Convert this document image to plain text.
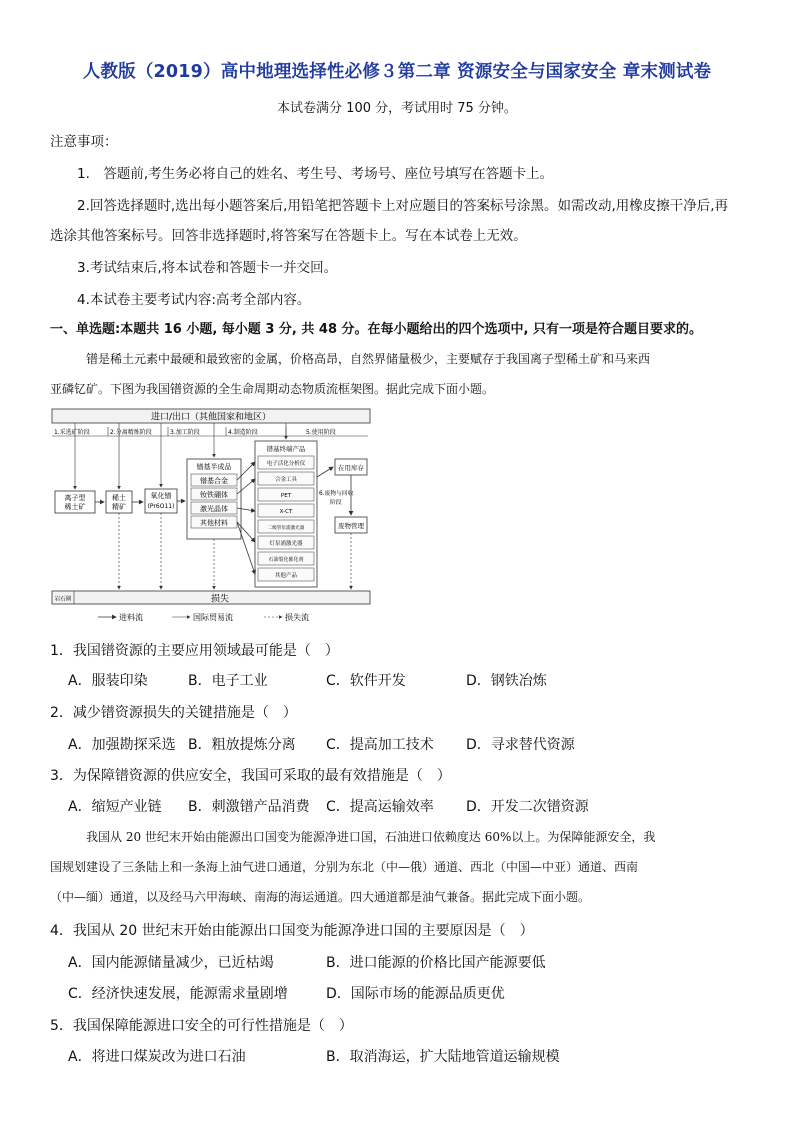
人教版（2019）高中地理选择性必修３第二章 资源安全与国家安全 章末测试卷
本试卷满分 100 分，考试用时 75 分钟。
注意事项：
1.　答题前,考生务必将自己的姓名、考生号、考场号、座位号填写在答题卡上。
2.回答选择题时,选出每小题答案后,用铅笔把答题卡上对应题目的答案标号涂黑。如需改动,用橡皮擦干净后,再
选涂其他答案标号。回答非选择题时,将答案写在答题卡上。写在本试卷上无效。
3.考试结束后,将本试卷和答题卡一并交回。
4.本试卷主要考试内容:高考全部内容。
一、单选题:本题共 16 小题, 每小题 3 分, 共 48 分。在每小题给出的四个选项中, 只有一项是符合题目要求的。
镨是稀土元素中最硬和最致密的金属，价格高昂，自然界储量极少，主要赋存于我国离子型稀土矿和马来西
亚磷钇矿。下图为我国镨资源的全生命周期动态物质流框架图。据此完成下面小题。
进口/出口（其他国家和地区）
1.采选矿阶段	2.分离精炼阶段	3.加工阶段	4.制造阶段	5.使用阶段
离子型
稀土矿
稀土
精矿
氧化镨
(Pr6O11)
镨基半成品
镨基合金
钕铁硼体
激光晶体
其他材料
镨基终端产品
电子活化分析仪
合金工具
PET
X-CT
二级管泵浦激光器
灯泵浦激光器
石油裂化催化剂
其他产品
在用库存
6.废物与回收
阶段
废物管理
岩石圈	损失
进料流	国际贸易流	损失流
1．我国镨资源的主要应用领域最可能是（　）
A．服装印染	B．电子工业	C．软件开发	D．钢铁冶炼
2．减少镨资源损失的关键措施是（　）
A．加强勘探采选 B．粗放提炼分离 C．提高加工技术 D．寻求替代资源
3．为保障镨资源的供应安全，我国可采取的最有效措施是（　）
A．缩短产业链 B．刺激镨产品消费 C．提高运输效率 D．开发二次镨资源
我国从 20 世纪末开始由能源出口国变为能源净进口国，石油进口依赖度达 60%以上。为保障能源安全，我
国规划建设了三条陆上和一条海上油气进口通道，分别为东北（中—俄）通道、西北（中国—中亚）通道、西南
（中—缅）通道，以及经马六甲海峡、南海的海运通道。四大通道都是油气兼备。据此完成下面小题。
4．我国从 20 世纪末开始由能源出口国变为能源净进口国的主要原因是（　）
A．国内能源储量减少，已近枯竭	B．进口能源的价格比国产能源要低
C．经济快速发展，能源需求量剧增	D．国际市场的能源品质更优
5．我国保障能源进口安全的可行性措施是（　）
A．将进口煤炭改为进口石油	B．取消海运，扩大陆地管道运输规模
